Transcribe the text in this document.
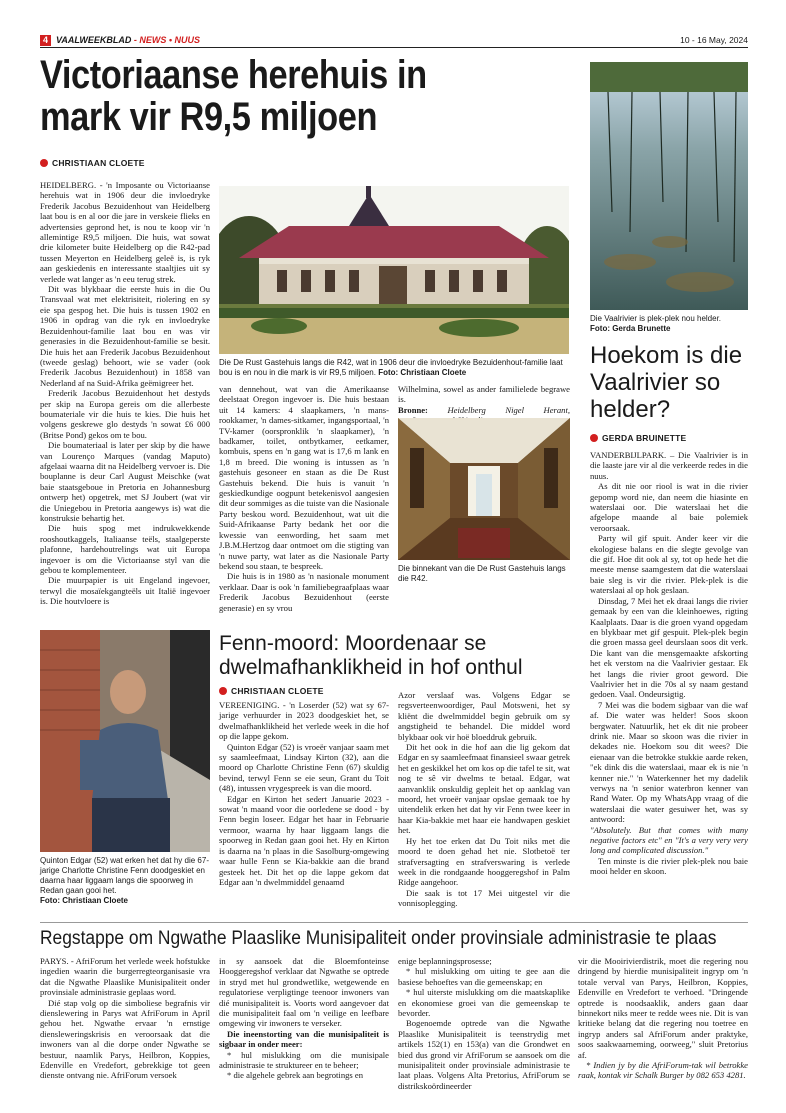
4 VAALWEEKBLAD - NEWS • NUUS	10 - 16 May, 2024
Victoriaanse herehuis in mark vir R9,5 miljoen
CHRISTIAAN CLOETE

HEIDELBERG. - 'n Imposante ou Victoriaanse herehuis wat in 1906 deur die invloedryke Frederik Jacobus Bezuidenhout van Heidelberg laat bou is en al oor die jare in verskeie flieks en advertensies geprond het, is nou te koop vir 'n allemintige R9,5 miljoen. Die huis, wat sowat drie kilometer buite Heidelberg op die R42-pad tussen Meyerton en Heidelberg geleë is, is ryk aan geskiedenis en interessante staaltjies uit sy verlede wat langer as 'n eeu terug strek.

Dit was blykbaar die eerste huis in die Ou Transvaal wat met elektrisiteit, riolering en sy eie spa gespog het. Die huis is tussen 1902 en 1906 in opdrag van die ryk en invloedryke Bezuidenhout-familie laat bou en was vir generasies in die Bezuidenhout-familie se besit. Die huis het aan Frederik Jacobus Bezuidenhout (tweede geslag) behoort, wie se vader (ook Frederik Jacobus Bezuidenhout) in 1858 van Nederland af na Suid-Afrika geëmigreer het.

Frederik Jacobus Bezuidenhout het destyds per skip na Europa gereis om die allerbeste boumateriale vir die huis te kies. Die huis het volgens geskrewe glo destyds 'n sowat £6 000 (Britse Pond) gekos om te bou.

Die boumateriaal is later per skip by die hawe van Lourenço Marques (vandag Maputo) afgelaai waarna dit na Heidelberg vervoer is. Die bouplanne is deur Carl August Meischke (wat baie staatsgeboue in Pretoria en Johannesburg ontwerp het) opgetrek, met SJ Joubert (wat vir die Uniegebou in Pretoria aangewys is) wat die konstruksie behartig het.

Die huis spog met indrukwekkende rooshoutkaggels, Italiaanse teëls, staalgeperste plafonne, hardehoutrelings wat uit Europa ingevoer is om die Victoriaanse styl van die gebou te komplementeer.

Die muurpapier is uit Engeland ingevoer, terwyl die mosaïekgangteëls uit Italië ingevoer is. Die houtvloere is

Die De Rust Gastehuis langs die R42, wat in 1906 deur die invloedryke Bezuidenhout-familie laat bou is en nou in die mark is vir R9,5 miljoen. Foto: Christiaan Cloete

van dennehout, wat van die Amerikaanse deelstaat Oregon ingevoer is. Die huis bestaan uit 14 kamers: 4 slaapkamers, 'n mans-rookkamer, 'n dames-sitkamer, ingangsportaal, 'n TV-kamer (oorspronklik 'n slaapkamer), 'n badkamer, toilet, ontbytkamer, eetkamer, kombuis, spens en 'n gang wat is 17,6 m lank en 1,8 m breed. Die woning is intussen as 'n gastehuis gesoneer en staan as die De Rust Gastehuis bekend. Die huis is vanuit 'n geskiedkundige oogpunt betekenisvol aangesien dit deur sommiges as die tuiste van die Nasionale Party beskou word. Bezuidenhout, wat uit die Suid-Afrikaanse Party bedank het oor die kwessie van eenwording, het saam met J.B.M.Hertzog daar ontmoet om die stigting van 'n nuwe party, wat later as die Nasionale Party bekend sou staan, te bespreek.

Die huis is in 1980 as 'n nasionale monument verklaar. Daar is ook 'n familiebegraafplaas waar Frederik Jacobus Bezuidenhout (eerste generasie) en sy vrou

Wilhelmina, sowel as ander familielede begrawe is.

Bronne: Heidelberg Nigel Herant,

Die binnekant van die De Rust Gastehuis langs die R42.
Die Vaalrivier is plek-plek nou helder.
Foto: Gerda Brunette
Hoekom is die Vaalrivier so helder?
GERDA BRUINETTE

VANDERBIJLPARK. – Die Vaalrivier is in die laaste jare vir al die verkeerde redes in die nuus.

As dit nie oor riool is wat in die rivier gepomp word nie, dan neem die hiasinte en waterslaai oor. Die waterslaai het die afgelope maande al baie polemiek veroorsaak.

Party wil gif spuit. Ander keer vir die ekologiese balans en die slegte gevolge van die gif. Hoe dit ook al sy, tot op hede het die meeste mense saamgestem dat die waterslaai baie sleg is vir die rivier. Plek-plek is die waterslaai al op hok geslaan.

Dinsdag, 7 Mei het ek draai langs die rivier gemaak by een van die kleinhoewes, rigting Kaalplaats. Daar is die groen vyand opgedam en blykbaar met gif gespuit. Plek-plek begin die groen massa geel deurslaan soos dit verk. Die kant van die mensgemaakte afskorting het ek verstom na die Vaalrivier gestaar. Ek het langs die rivier groot geword. Die Vaalrivier het in die 70s al sy naam gestand gedoen. Vaal. Ondeursigtig.

7 Mei was die bodem sigbaar van die waf af. Die water was helder! Soos skoon bergwater. Natuurlik, het ek dit nie probeer drink nie. Maar so skoon was die rivier in dekades nie. Hoekom sou dit wees? Die eienaar van die betrokke stukkie aarde reken, "ek dink dis die waterslaai, maar ek is nie 'n kenner nie." 'n Waterkenner het my dadelik verwys na 'n senior waterbron kenner van Rand Water. Op my WhatsApp vraag of die waterslaai die water gesuiwer het, was sy antwoord:

"Absolutely. But that comes with many negative factors etc" en "It's a very very very long and complicated discussion."

Ten minste is die rivier plek-plek nou baie mooi helder en skoon.

Quinton Edgar (52) wat erken het dat hy die 67-jarige Charlotte Christine Fenn doodgeskiet en daarna haar liggaam langs die spoorweg in Redan gaan gooi het.
Foto: Christiaan Cloete
Fenn-moord: Moordenaar se dwelmafhanklikheid in hof onthul
CHRISTIAAN CLOETE

VEREENIGING. - 'n Loserder (52) wat sy 67-jarige verhuurder in 2023 doodgeskiet het, se dwelmafhanklikheid het verlede week in die hof op die lappe gekom.

Quinton Edgar (52) is vroeër vanjaar saam met sy saamleefmaat, Lindsay Kirton (32), aan die moord op Charlotte Christine Fenn (67) skuldig bevind, terwyl Fenn se eie seun, Grant du Toit (48), intussen vrygespreek is van die moord.

Edgar en Kirton het sedert Januarie 2023 - sowat 'n maand voor die oorledene se dood - by Fenn begin loseer. Edgar het haar in Februarie vermoor, waarna hy haar liggaam langs die spoorweg in Redan gaan gooi het. Hy en Kirton is daarna na 'n plaas in die Sasolburg-omgewing waar hulle Fenn se Kia-bakkie aan die brand gesteek het. Dit het op die lappe gekom dat Edgar aan 'n dwelmmiddel genaamd

Azor verslaaf was. Volgens Edgar se regsverteenwoordiger, Paul Motsweni, het sy kliënt die dwelmmiddel begin gebruik om sy angstigheid te behandel. Die middel word blykbaar ook vir hoë bloeddruk gebruik.

Dit het ook in die hof aan die lig gekom dat Edgar en sy saamleefmaat finansieel swaar getrek het en geskikkel het om kos op die tafel te sit, wat nog te sê vir dwelms te betaal. Edgar, wat aanvanklik onskuldig gepleit het op aanklag van moord, het vroeër vanjaar opslae gemaak toe hy uitendelik erken het dat hy vir Fenn twee keer in haar Kia-bakkie met haar eie handwapen geskiet het.

Hy het toe erken dat Du Toit niks met die moord te doen gehad het nie. Slotbetoë ter strafversagting en strafverswaring is verlede week in die rondgaande hooggeregshof in Palm Ridge aangehoor.

Die saak is tot 17 Mei uitgestel vir die vonnisoplegging.

Regstappe om Ngwathe Plaaslike Munisipaliteit onder provinsiale administrasie te plaas

PARYS. - AfriForum het verlede week hofstukke ingedien waarin die burgerregteorganisasie vra dat die Ngwathe Plaaslike Munisipaliteit onder provinsiale administrasie geplaas word.

Dié stap volg op die simboliese begrafnis vir dienslewering in Parys wat AfriForum in April gehou het. Ngwathe ervaar 'n ernstige diensleweringskrisis en veroorsaak dat die inwoners van al die dorpe onder Ngwathe se bestuur, naamlik Parys, Heilbron, Koppies, Edenville en Vredefort, gebrekkige tot geen dienste ontvang nie. AfriForum versoek

in sy aansoek dat die Bloemfonteinse Hooggeregshof verklaar dat Ngwathe se optrede in stryd met hul grondwetlike, wetgewende en regulatoriese verpligtinge teenoor inwoners van dié munisipaliteit is. Voorts word aangevoer dat die munisipaliteit faal om 'n veilige en leefbare omgewing vir inwoners te verseker.

Die ineenstorting van die munisipaliteit is sigbaar in onder meer:

* hul mislukking om die munisipale administrasie te struktureer en te beheer;

* die algehele gebrek aan begrotings en

enige beplanningsprosesse;

* hul mislukking om uiting te gee aan die basiese behoeftes van die gemeenskap; en

* hul uiterste mislukking om die maatskaplike en ekonomiese groei van die gemeenskap te bevorder.

Bogenoemde optrede van die Ngwathe Plaaslike Munisipaliteit is teenstrydig met artikels 152(1) en 153(a) van die Grondwet en bied dus grond vir AfriForum se aansoek om die munisipaliteit onder provinsiale administrasie te laat plaas. Volgens Alta Pretorius, AfriForum se distrikskoördineerder

vir die Mooirivierdistrik, moet die regering nou dringend by hierdie munisipaliteit ingryp om 'n totale verval van Parys, Heilbron, Koppies, Edenville en Vredefort te verhoed. "Dringende optrede is noodsaaklik, anders gaan daar binnekort niks meer te redde wees nie. Dit is van kritieke belang dat die regering nou toetree en ingryp anders sal AfriForum ander praktyke, soos saakwaarneming, oorweeg," sluit Pretorius af.

* Indien jy by die AfriForum-tak wil betrokke raak, kontak vir Schalk Burger by 082 653 4281.
